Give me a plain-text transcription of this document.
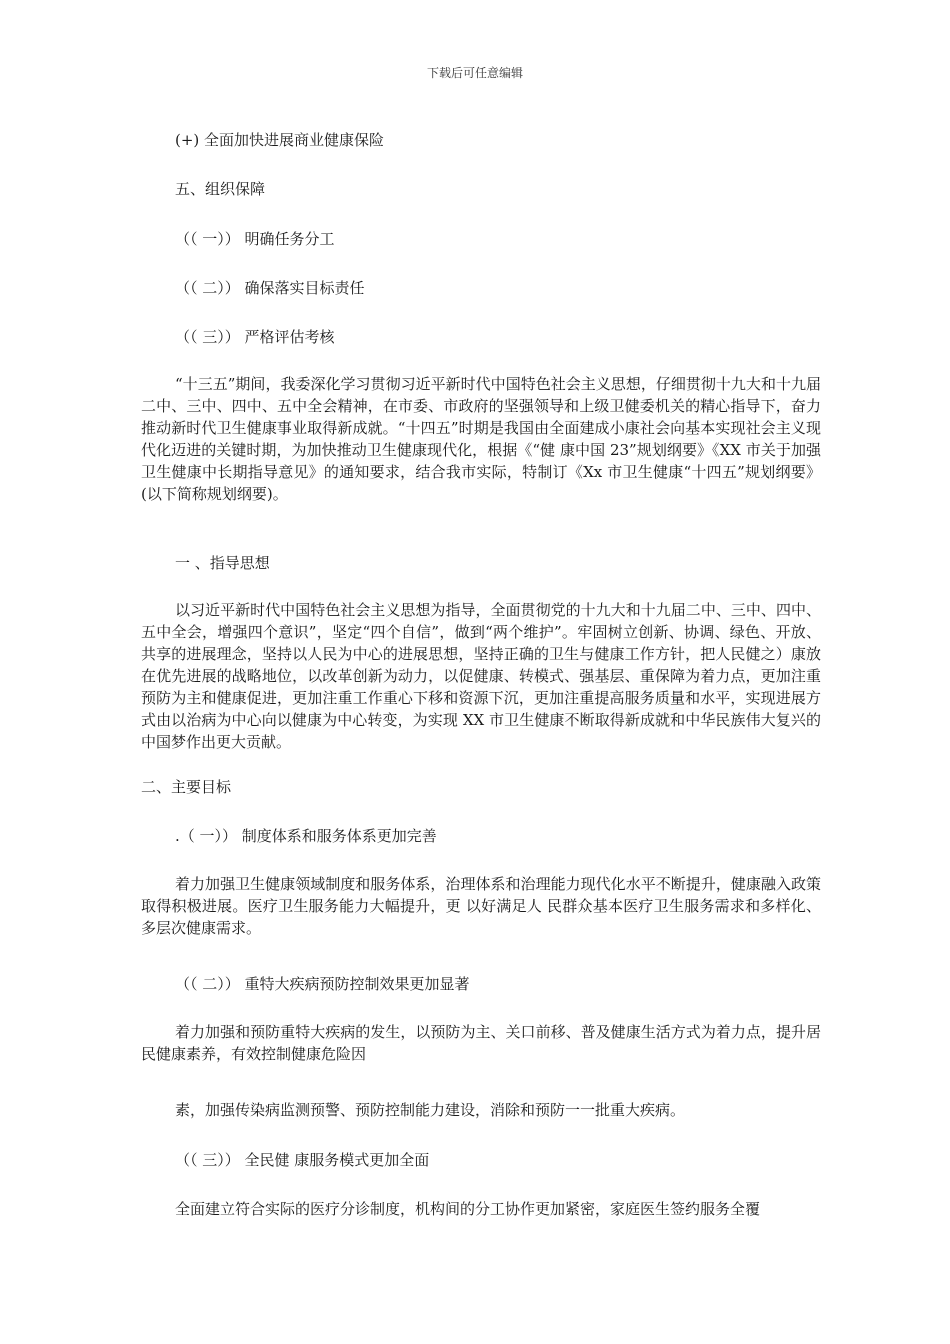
下载后可任意编辑
(+) 全面加快进展商业健康保险
五、组织保障
（（ 一）） 明确任务分工
（（ 二）） 确保落实目标责任
（（ 三）） 严格评估考核
“十三五”期间，我委深化学习贯彻习近平新时代中国特色社会主义思想，仔细贯彻十九大和十九届二中、三中、四中、五中全会精神，在市委、市政府的坚强领导和上级卫健委机关的精心指导下，奋力推动新时代卫生健康事业取得新成就。“十四五”时期是我国由全面建成小康社会向基本实现社会主义现代化迈进的关键时期，为加快推动卫生健康现代化，根据《“健 康中国 23”规划纲要》《XX 市关于加强卫生健康中长期指导意见》的通知要求，结合我市实际，特制订《Xx 市卫生健康“十四五”规划纲要》(以下简称规划纲要)。
一 、指导思想
以习近平新时代中国特色社会主义思想为指导，全面贯彻党的十九大和十九届二中、三中、四中、五中全会，增强四个意识”，坚定“四个自信”，做到“两个维护”。牢固树立创新、协调、绿色、开放、共享的进展理念，坚持以人民为中心的进展思想，坚持正确的卫生与健康工作方针，把人民健之）康放在优先进展的战略地位，以改革创新为动力，以促健康、转模式、强基层、重保障为着力点，更加注重预防为主和健康促进，更加注重工作重心下移和资源下沉，更加注重提高服务质量和水平，实现进展方式由以治病为中心向以健康为中心转变，为实现 XX 市卫生健康不断取得新成就和中华民族伟大复兴的中国梦作出更大贡献。
二、主要目标
.（ 一）） 制度体系和服务体系更加完善
着力加强卫生健康领域制度和服务体系，治理体系和治理能力现代化水平不断提升，健康融入政策取得积极进展。医疗卫生服务能力大幅提升，更 以好满足人 民群众基本医疗卫生服务需求和多样化、多层次健康需求。
（（ 二）） 重特大疾病预防控制效果更加显著
着力加强和预防重特大疾病的发生，以预防为主、关口前移、普及健康生活方式为着力点，提升居民健康素养，有效控制健康危险因
素，加强传染病监测预警、预防控制能力建设，消除和预防一一批重大疾病。
（（ 三）） 全民健 康服务模式更加全面
全面建立符合实际的医疗分诊制度，机构间的分工协作更加紧密，家庭医生签约服务全覆
